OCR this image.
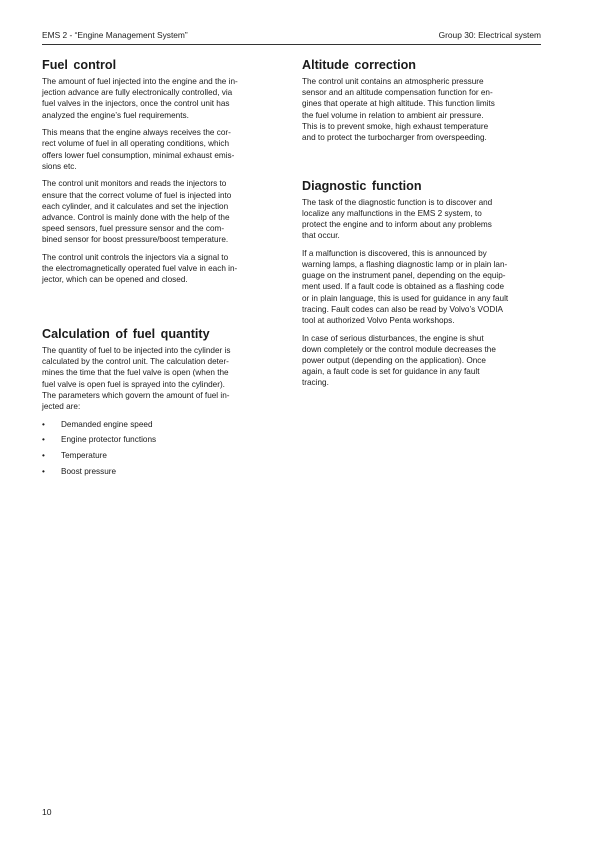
EMS 2 - “Engine Management System”	Group 30: Electrical system
Fuel control

The amount of fuel injected into the engine and the in-
jection advance are fully electronically controlled, via
fuel valves in the injectors, once the control unit has
analyzed the engine’s fuel requirements.

This means that the engine always receives the cor-
rect volume of fuel in all operating conditions, which
offers lower fuel consumption, minimal exhaust emis-
sions etc.

The control unit monitors and reads the injectors to
ensure that the correct volume of fuel is injected into
each cylinder, and it calculates and set the injection
advance. Control is mainly done with the help of the
speed sensors, fuel pressure sensor and the com-
bined sensor for boost pressure/boost temperature.

The control unit controls the injectors via a signal to
the electromagnetically operated fuel valve in each in-
jector, which can be opened and closed.

Calculation of fuel quantity

The quantity of fuel to be injected into the cylinder is
calculated by the control unit. The calculation deter-
mines the time that the fuel valve is open (when the
fuel valve is open fuel is sprayed into the cylinder).
The parameters which govern the amount of fuel in-
jected are:

• Demanded engine speed
• Engine protector functions
• Temperature
• Boost pressure
Altitude correction

The control unit contains an atmospheric pressure
sensor and an altitude compensation function for en-
gines that operate at high altitude. This function limits
the fuel volume in relation to ambient air pressure.
This is to prevent smoke, high exhaust temperature
and to protect the turbocharger from overspeeding.

Diagnostic function

The task of the diagnostic function is to discover and
localize any malfunctions in the EMS 2 system, to
protect the engine and to inform about any problems
that occur.

If a malfunction is discovered, this is announced by
warning lamps, a flashing diagnostic lamp or in plain lan-
guage on the instrument panel, depending on the equip-
ment used. If a fault code is obtained as a flashing code
or in plain language, this is used for guidance in any fault
tracing. Fault codes can also be read by Volvo’s VODIA
tool at authorized Volvo Penta workshops.

In case of serious disturbances, the engine is shut
down completely or the control module decreases the
power output (depending on the application). Once
again, a fault code is set for guidance in any fault
tracing.

10
